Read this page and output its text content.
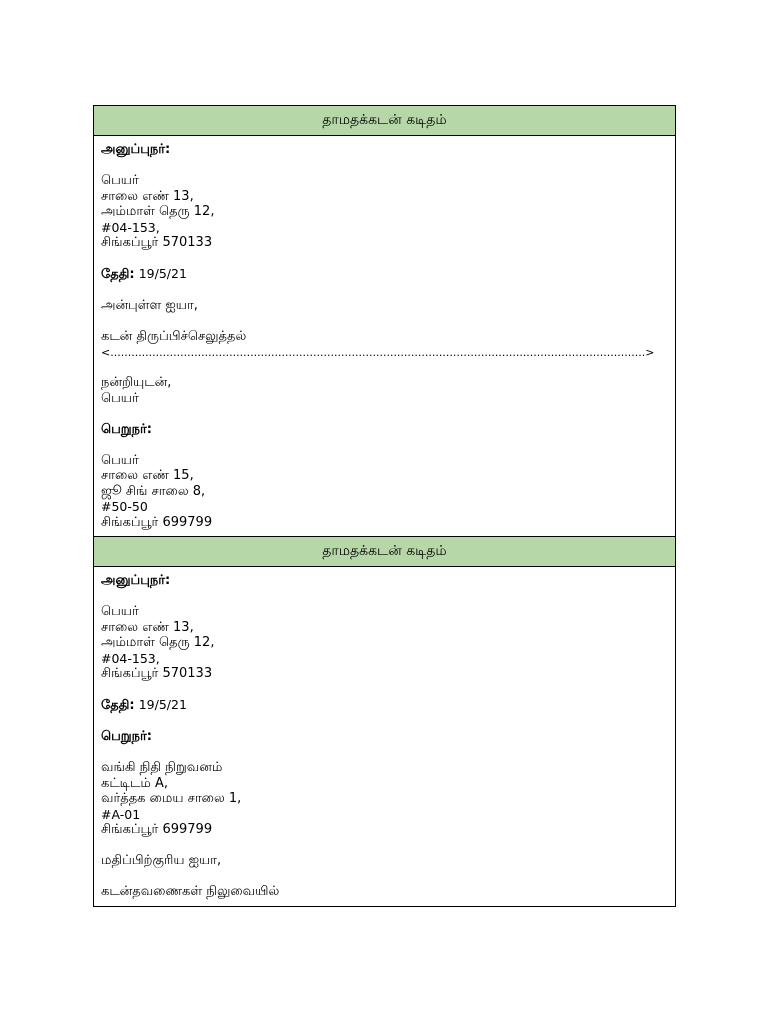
தாமதக்கடன் கடிதம்
அனுப்புநர்:
பெயர்
சாலை எண் 13,
அம்மாள் தெரு 12,
#04-153,
சிங்கப்பூர் 570133
தேதி: 19/5/21
அன்புள்ள ஐயா,
கடன் திருப்பிச்செலுத்தல்
<.........................................................................................................................................................>
நன்றியுடன்,
பெயர்
பெறுநர்:
பெயர்
சாலை எண் 15,
ஜூ சிங் சாலை 8,
#50-50
சிங்கப்பூர் 699799
தாமதக்கடன் கடிதம்
அனுப்புநர்:
பெயர்
சாலை எண் 13,
அம்மாள் தெரு 12,
#04-153,
சிங்கப்பூர் 570133
தேதி: 19/5/21
பெறுநர்:
வங்கி நிதி நிறுவனம்
கட்டிடம் A,
வர்த்தக மைய சாலை 1,
#A-01
சிங்கப்பூர் 699799
மதிப்பிற்குரிய ஐயா,
கடன்தவணைகள் நிலுவையில்
